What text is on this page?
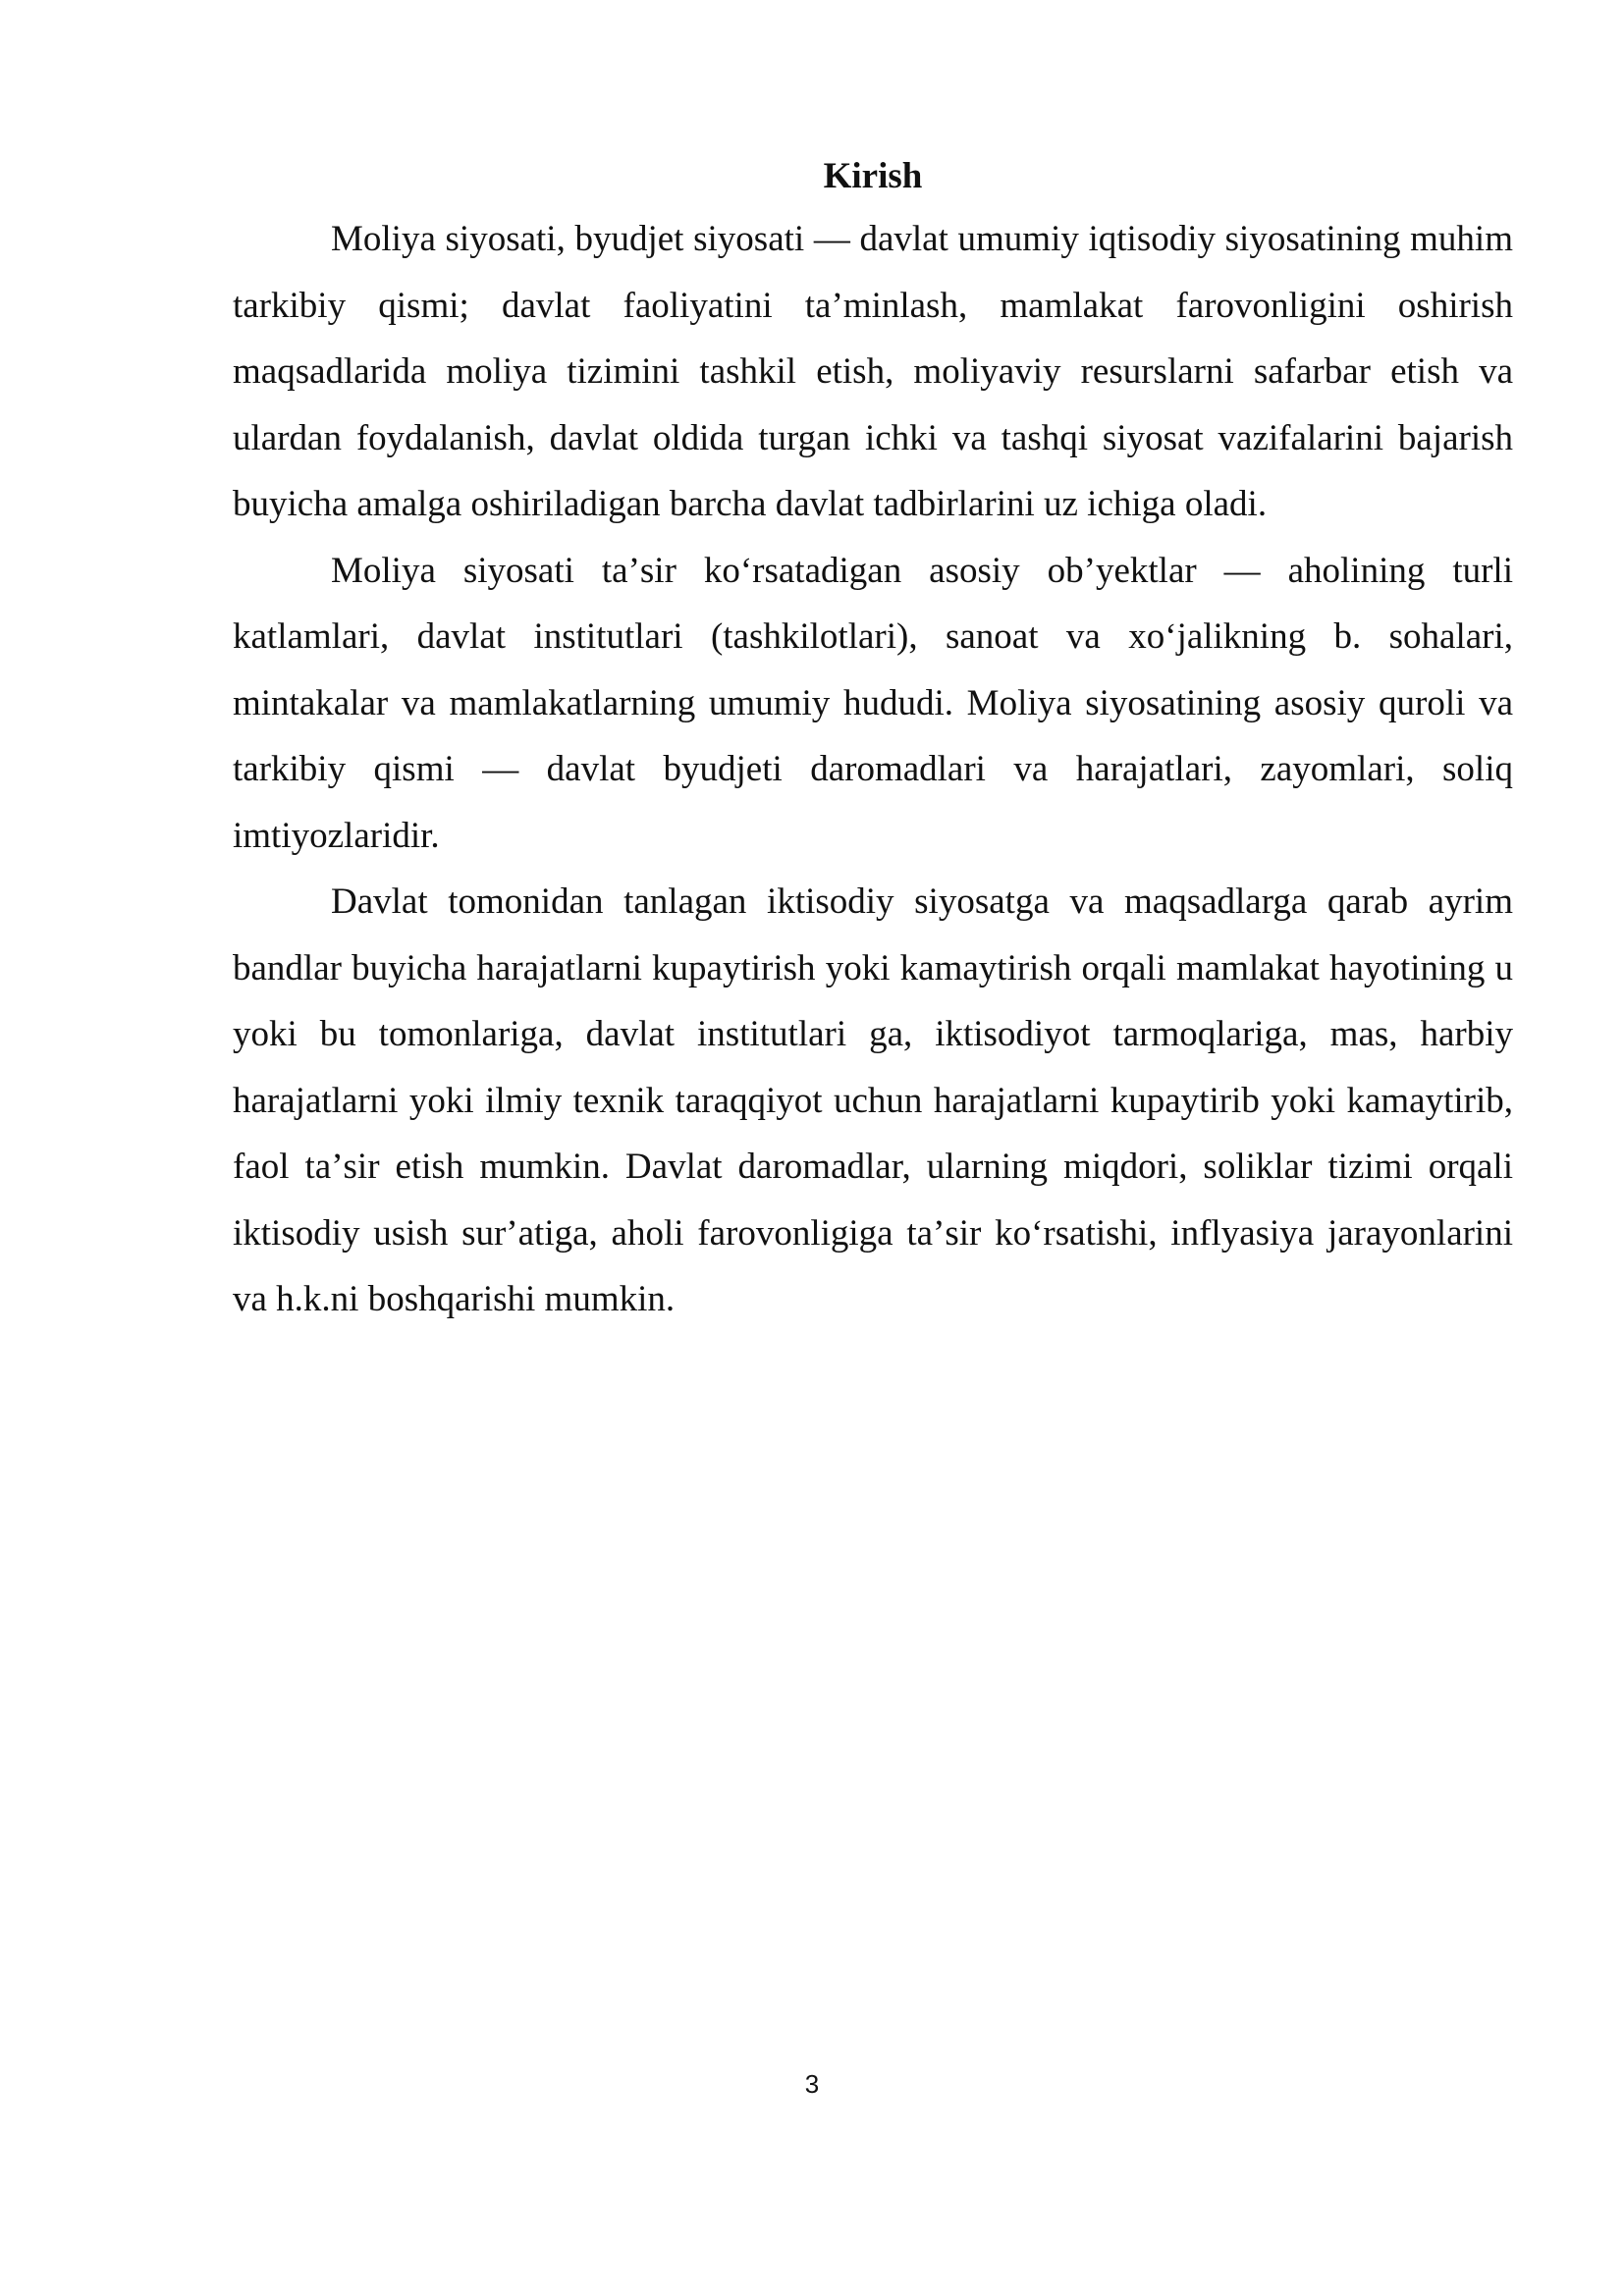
Kirish

Moliya siyosati, byudjet siyosati — davlat umumiy iqtisodiy siyosatining muhim tarkibiy qismi; davlat faoliyatini taʼminlash, mamlakat farovonligini oshirish maqsadlarida moliya tizimini tashkil etish, moliyaviy resurslarni safarbar etish va ulardan foydalanish, davlat oldida turgan ichki va tashqi siyosat vazifalarini bajarish buyicha amalga oshiriladigan barcha davlat tadbirlarini uz ichiga oladi.

Moliya siyosati taʼsir koʻrsatadigan asosiy obʼyektlar — aholining turli katlamlari, davlat institutlari (tashkilotlari), sanoat va xoʻjalikning b. sohalari, mintakalar va mamlakatlarning umumiy hududi. Moliya siyosatining asosiy quroli va tarkibiy qismi — davlat byudjeti daromadlari va harajatlari, zayomlari, soliq imtiyozlaridir.

Davlat tomonidan tanlagan iktisodiy siyosatga va maqsadlarga qarab ayrim bandlar buyicha harajatlarni kupaytirish yoki kamaytirish orqali mamlakat hayotining u yoki bu tomonlariga, davlat institutlari ga, iktisodiyot tarmoqlariga, mas, harbiy harajatlarni yoki ilmiy texnik taraqqiyot uchun harajatlarni kupaytirib yoki kamaytirib, faol taʼsir etish mumkin. Davlat daromadlar, ularning miqdori, soliklar tizimi orqali iktisodiy usish surʼatiga, aholi farovonligiga taʼsir koʻrsatishi, inflyasiya jarayonlarini va h.k.ni boshqarishi mumkin.

3
